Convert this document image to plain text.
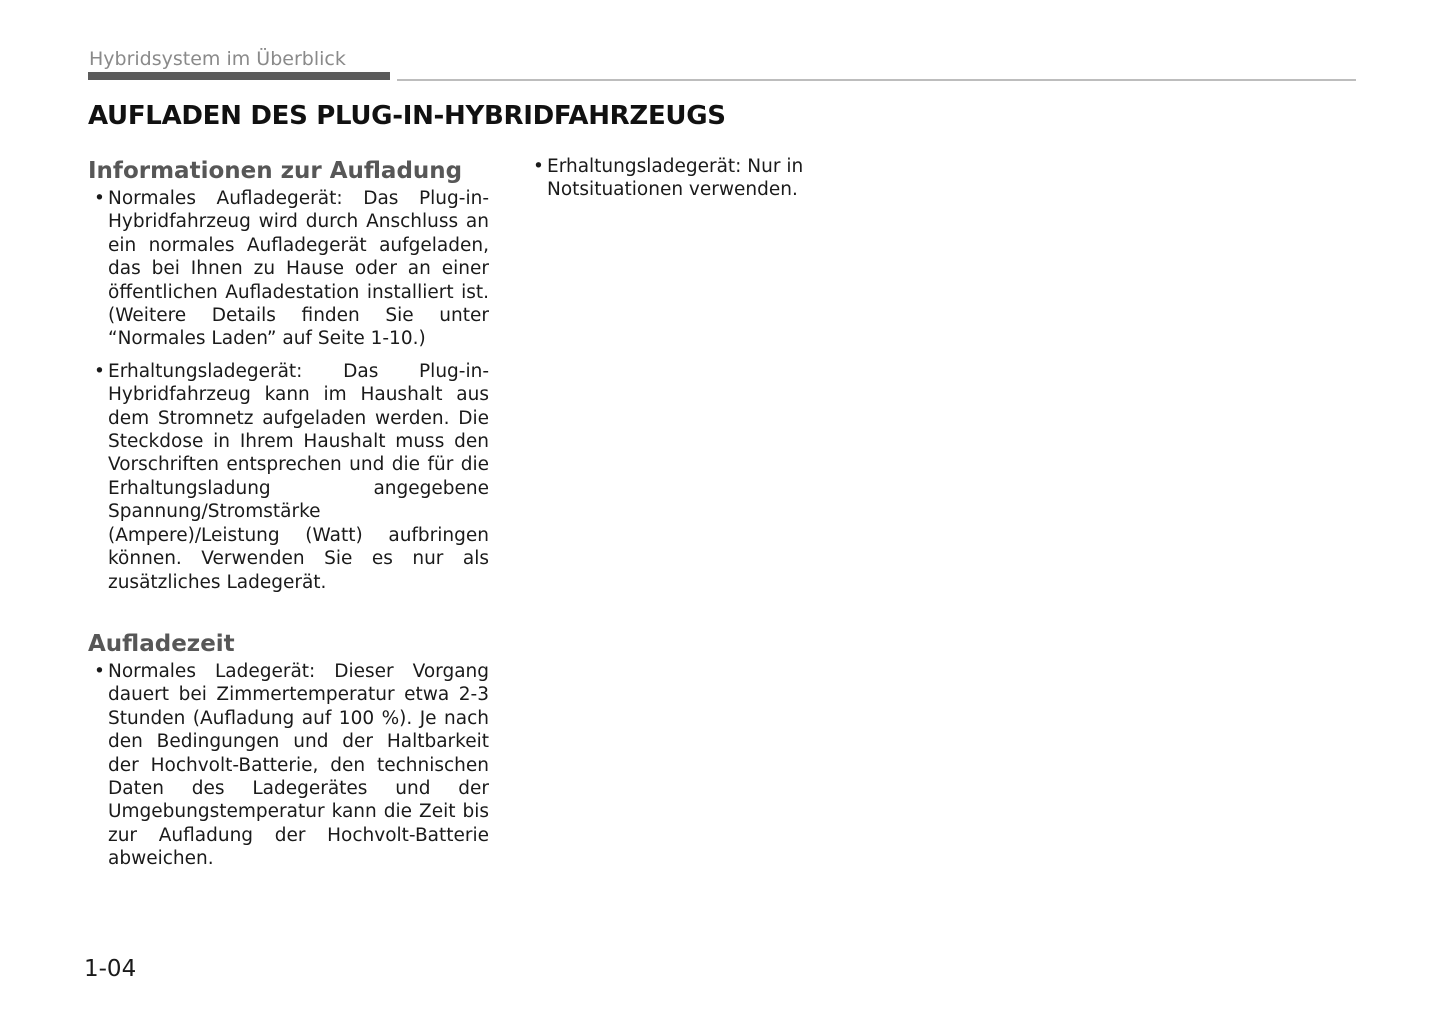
Hybridsystem im Überblick
AUFLADEN DES PLUG-IN-HYBRIDFAHRZEUGS
Informationen zur Aufladung
• Normales Aufladegerät: Das Plug-in-Hybridfahrzeug wird durch Anschluss an ein normales Aufladegerät aufgeladen, das bei Ihnen zu Hause oder an einer öffentlichen Aufladestation installiert ist. (Weitere Details finden Sie unter “Normales Laden” auf Seite 1-10.)
• Erhaltungsladegerät: Das Plug-in-Hybridfahrzeug kann im Haushalt aus dem Stromnetz aufgeladen werden. Die Steckdose in Ihrem Haushalt muss den Vorschriften entsprechen und die für die Erhaltungsladung angegebene Spannung/Stromstärke (Ampere)/Leistung (Watt) aufbringen können. Verwenden Sie es nur als zusätzliches Ladegerät.
Aufladezeit
• Normales Ladegerät: Dieser Vorgang dauert bei Zimmertemperatur etwa 2-3 Stunden (Aufladung auf 100 %). Je nach den Bedingungen und der Haltbarkeit der Hochvolt-Batterie, den technischen Daten des Ladegerätes und der Umgebungstemperatur kann die Zeit bis zur Aufladung der Hochvolt-Batterie abweichen.
• Erhaltungsladegerät: Nur in Notsituationen verwenden.
1-04
